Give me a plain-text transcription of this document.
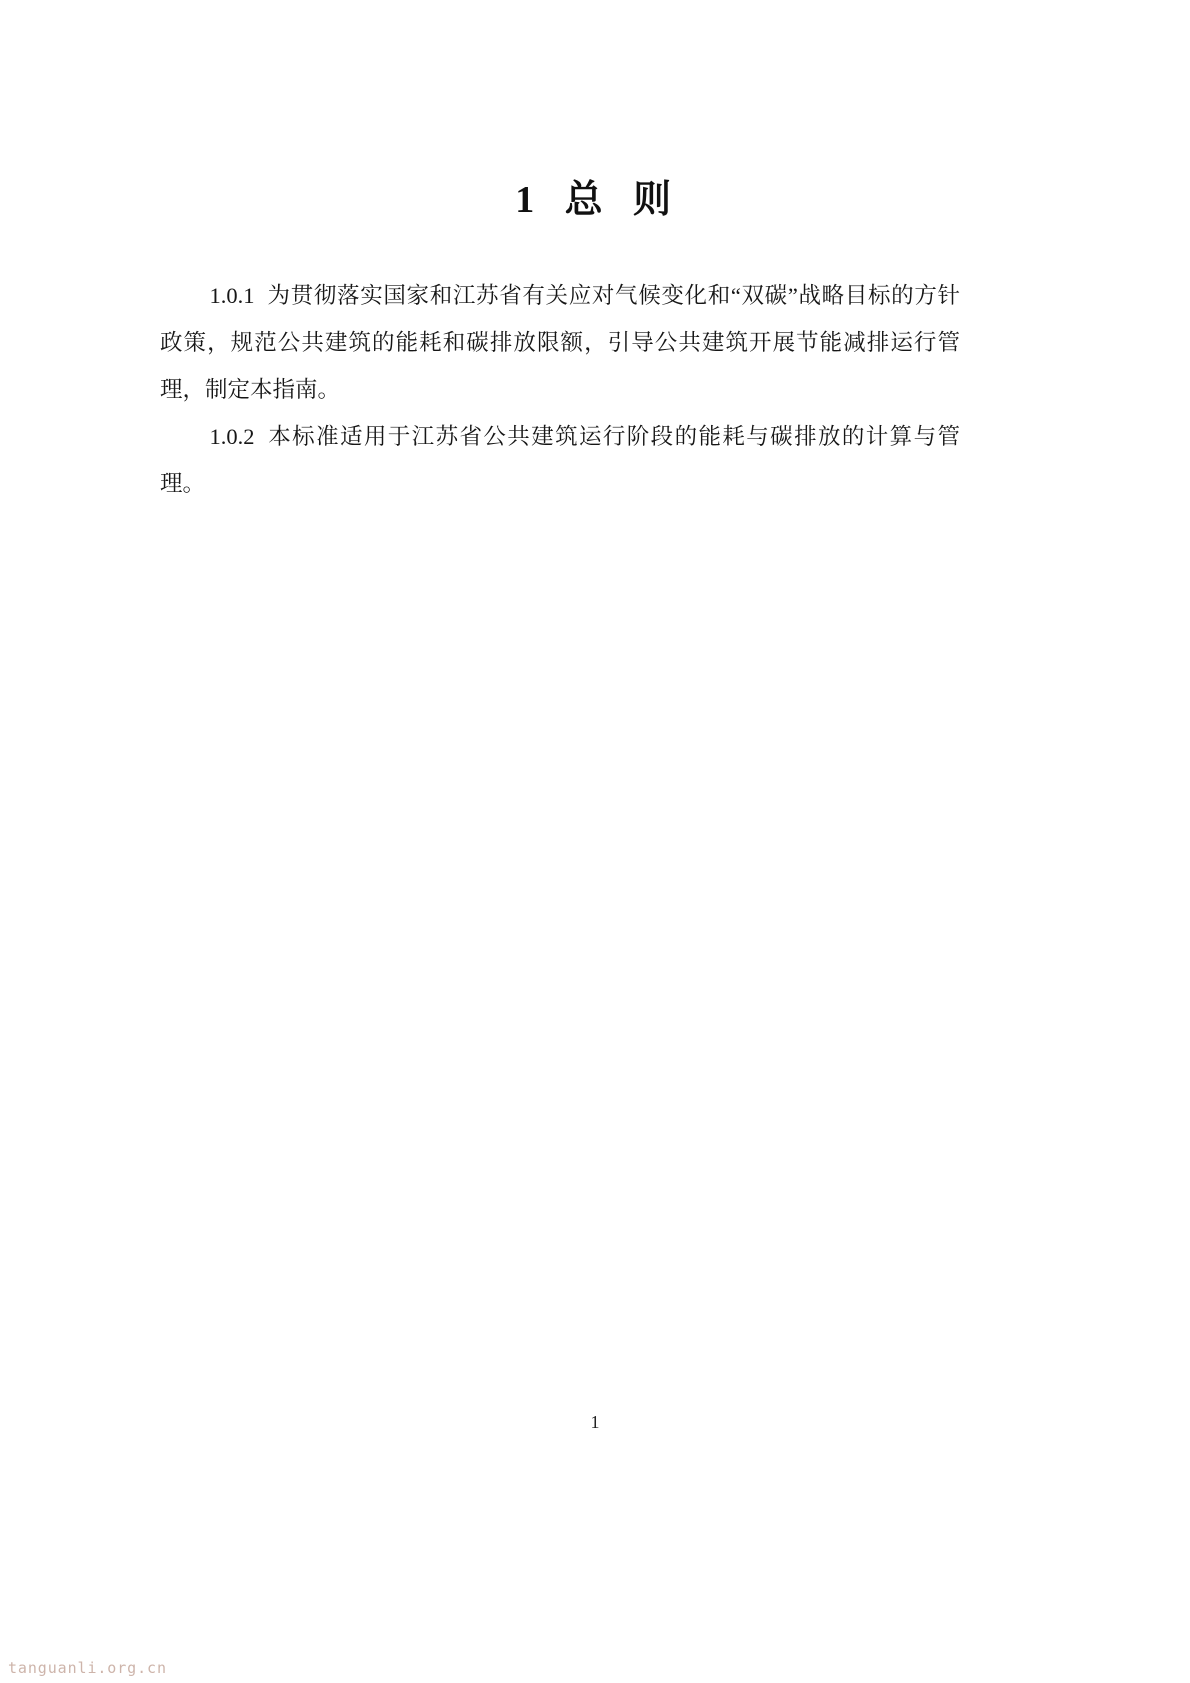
1  总  则

1.0.1 为贯彻落实国家和江苏省有关应对气候变化和“双碳”战略目标的方针政策，规范公共建筑的能耗和碳排放限额，引导公共建筑开展节能减排运行管理，制定本指南。

1.0.2 本标准适用于江苏省公共建筑运行阶段的能耗与碳排放的计算与管理。

1
tanguanli.org.cn
